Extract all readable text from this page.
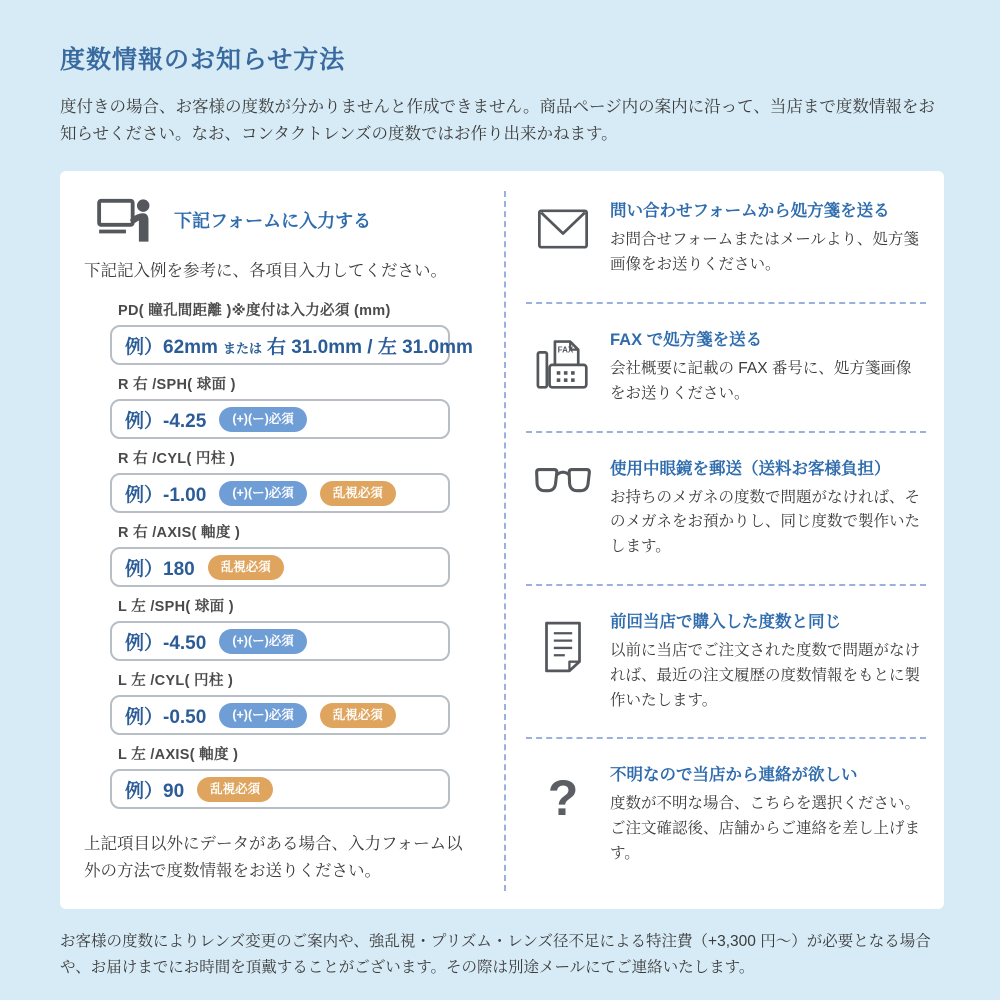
度数情報のお知らせ方法

度付きの場合、お客様の度数が分かりませんと作成できません。商品ページ内の案内に沿って、当店まで度数情報をお知らせください。なお、コンタクトレンズの度数ではお作り出来かねます。

下記フォームに入力する

下記記入例を参考に、各項目入力してください。

PD( 瞳孔間距離 )※度付は入力必須 (mm)
例）62mm または 右 31.0mm / 左 31.0mm
R 右 /SPH( 球面 )
例）-4.25	(+)(ー)必須
R 右 /CYL( 円柱 )
例）-1.00	(+)(ー)必須	乱視必須
R 右 /AXIS( 軸度 )
例）180	乱視必須
L 左 /SPH( 球面 )
例）-4.50	(+)(ー)必須
L 左 /CYL( 円柱 )
例）-0.50	(+)(ー)必須	乱視必須
L 左 /AXIS( 軸度 )
例）90	乱視必須

上記項目以外にデータがある場合、入力フォーム以外の方法で度数情報をお送りください。

問い合わせフォームから処方箋を送る

お問合せフォームまたはメールより、処方箋画像をお送りください。

FAX

FAX で処方箋を送る

会社概要に記載の FAX 番号に、処方箋画像をお送りください。

使用中眼鏡を郵送（送料お客様負担）

お持ちのメガネの度数で問題がなければ、そのメガネをお預かりし、同じ度数で製作いたします。

前回当店で購入した度数と同じ

以前に当店でご注文された度数で問題がなければ、最近の注文履歴の度数情報をもとに製作いたします。

? 不明なので当店から連絡が欲しい

度数が不明な場合、こちらを選択ください。ご注文確認後、店舗からご連絡を差し上げます。

お客様の度数によりレンズ変更のご案内や、強乱視・プリズム・レンズ径不足による特注費（+3,300 円～）が必要となる場合や、お届けまでにお時間を頂戴することがございます。その際は別途メールにてご連絡いたします。
